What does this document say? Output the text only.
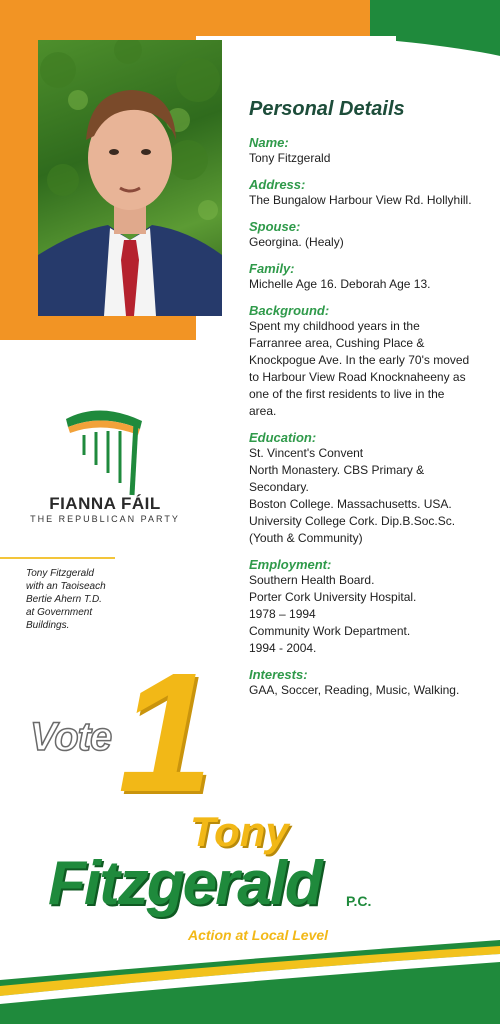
FIANNA FÁIL
THE REPUBLICAN PARTY
Tony Fitzgerald
with an Taoiseach
Bertie Ahern T.D.
at Government
Buildings.
1
Vote
Tony
Fitzgerald P.C.
Action at Local Level
Personal Details
Name:
Tony Fitzgerald
Address:
The Bungalow Harbour View Rd. Hollyhill.
Spouse:
Georgina. (Healy)
Family:
Michelle Age 16. Deborah Age 13.
Background:
Spent my childhood years in the
Farranree area, Cushing Place &
Knockpogue Ave. In the early 70's moved
to Harbour View Road Knocknaheeny as
one of the first residents to live in the
area.
Education:
St. Vincent's Convent
North Monastery. CBS Primary &
Secondary.
Boston College. Massachusetts. USA.
University College Cork. Dip.B.Soc.Sc.
(Youth & Community)
Employment:
Southern Health Board.
Porter Cork University Hospital.
1978 – 1994
Community Work Department.
1994 - 2004.
Interests:
GAA, Soccer, Reading, Music, Walking.
